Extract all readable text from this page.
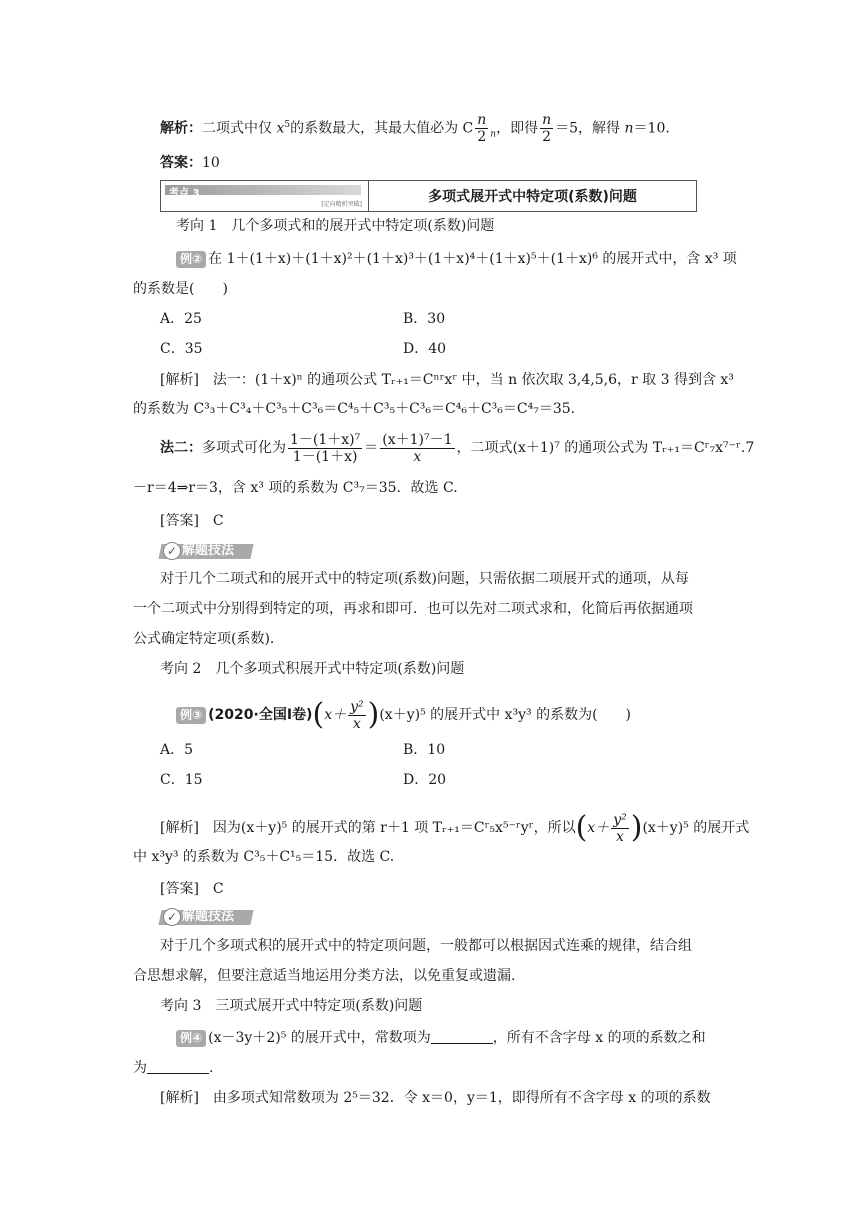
解析：二项式中仅 $x^5$的系数最大，其最大值必为 C $\frac{n}{2} _n$，即得 $\frac{n}{2} =5$，解得 n＝10.
答案：10
考点 3
[定向精析突破]	多项式展开式中特定项(系数)问题
考向 1　几个多项式和的展开式中特定项(系数)问题
例② 在 1＋(1＋x)＋(1＋x)²＋(1＋x)³＋(1＋x)⁴＋(1＋x)⁵＋(1＋x)⁶ 的展开式中，含 x³ 项
的系数是(　　)
A．25	B．30
C．35	D．40
[解析]　法一：(1＋x)ⁿ 的通项公式 Tᵣ₊₁＝Cⁿʳxʳ 中，当 n 依次取 3,4,5,6，r 取 3 得到含 x³
的系数为 C³₃＋C³₄＋C³₅＋C³₆＝C⁴₅＋C³₅＋C³₆＝C⁴₆＋C³₆＝C⁴₇＝35.
法二：多项式可化为 $\frac{\text{1－(1＋x)⁷}}{1-(1+x)} = \frac{\text{(x＋1)⁷－1}}{x}$ ，二项式(x＋1)⁷ 的通项公式为 Tᵣ₊₁＝Cʳ₇x⁷⁻ʳ.7
－r＝4⇒r＝3，含 x³ 项的系数为 C³₇＝35．故选 C.
[答案]　C
✓ 解题技法
对于几个二项式和的展开式中的特定项(系数)问题，只需依据二项展开式的通项，从每
一个二项式中分别得到特定的项，再求和即可．也可以先对二项式求和，化简后再依据通项
公式确定特定项(系数).
考向 2　几个多项式积展开式中特定项(系数)问题
例③ (2020·全国Ⅰ卷) ( $x+ \frac{\text{y²}}{x}$ ) (x＋y)⁵ 的展开式中 x³y³ 的系数为(　　)
A．5	B．10
C．15	D．20
[解析]　因为(x＋y)⁵ 的展开式的第 r＋1 项 Tᵣ₊₁＝Cʳ₅x⁵⁻ʳyʳ，所以 ( $x+ \frac{\text{y²}}{x}$ ) (x＋y)⁵ 的展开式
中 x³y³ 的系数为 C³₅＋C¹₅＝15．故选 C.
[答案]　C
✓ 解题技法
对于几个多项式积的展开式中的特定项问题，一般都可以根据因式连乘的规律，结合组
合思想求解，但要注意适当地运用分类方法，以免重复或遗漏.
考向 3　三项式展开式中特定项(系数)问题
例④ (x－3y＋2)⁵ 的展开式中，常数项为	，所有不含字母 x 的项的系数之和
为	.
[解析]　由多项式知常数项为 2⁵＝32．令 x＝0，y＝1，即得所有不含字母 x 的项的系数
